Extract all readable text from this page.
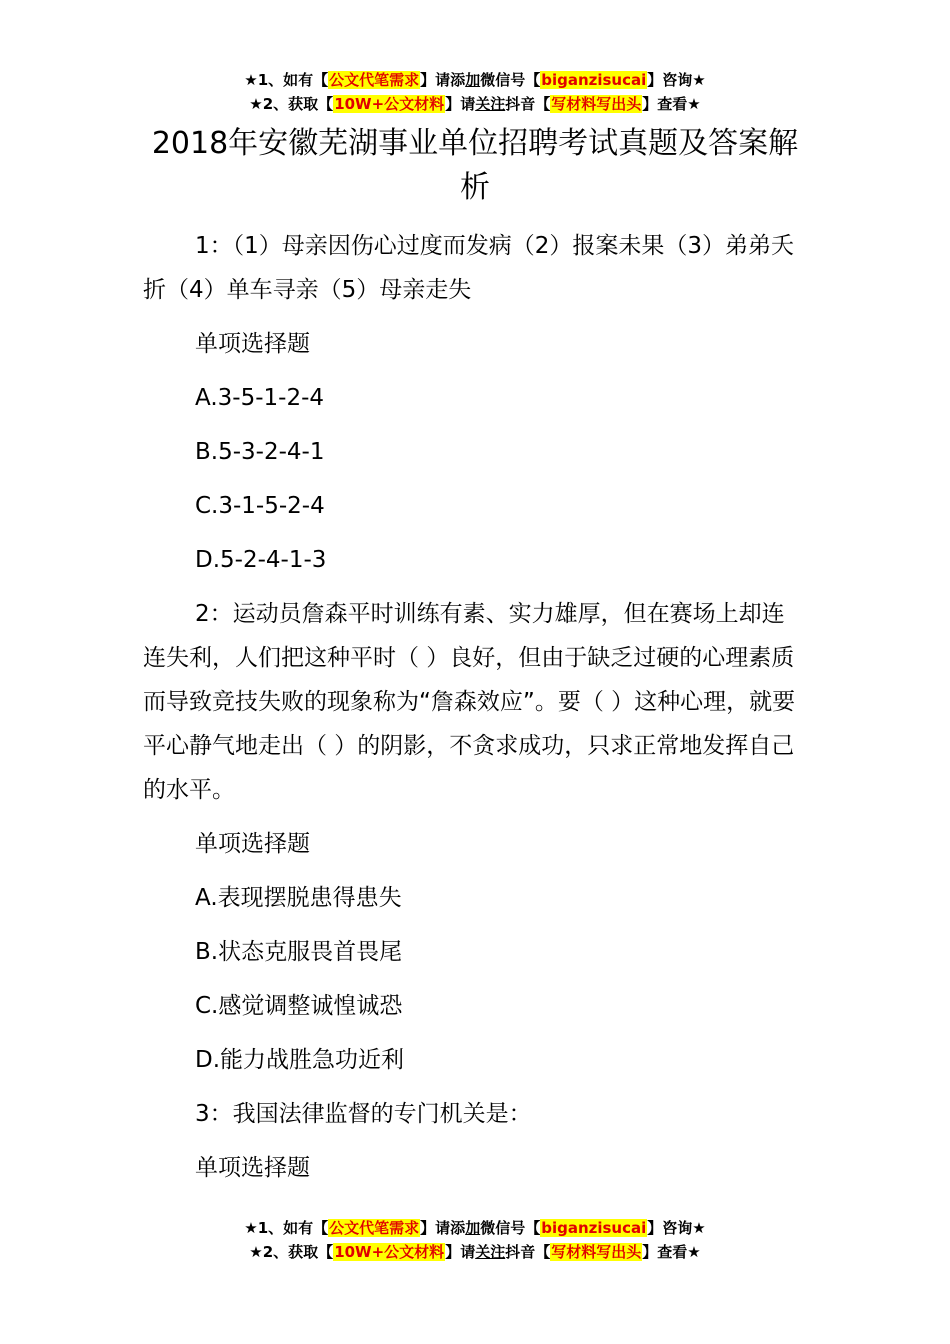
★1、如有【公文代笔需求】请添加微信号【biganzisucai】咨询★
★2、获取【10W+公文材料】请关注抖音【写材料写出头】查看★
2018年安徽芜湖事业单位招聘考试真题及答案解析

1：（1）母亲因伤心过度而发病（2）报案未果（3）弟弟夭折（4）单车寻亲（5）母亲走失

单项选择题

A.3-5-1-2-4

B.5-3-2-4-1

C.3-1-5-2-4

D.5-2-4-1-3

2：运动员詹森平时训练有素、实力雄厚，但在赛场上却连连失利，人们把这种平时（ ）良好，但由于缺乏过硬的心理素质而导致竞技失败的现象称为“詹森效应”。要（ ）这种心理，就要平心静气地走出（ ）的阴影，不贪求成功，只求正常地发挥自己的水平。

单项选择题

A.表现摆脱患得患失

B.状态克服畏首畏尾

C.感觉调整诚惶诚恐

D.能力战胜急功近利

3：我国法律监督的专门机关是：

单项选择题

★1、如有【公文代笔需求】请添加微信号【biganzisucai】咨询★
★2、获取【10W+公文材料】请关注抖音【写材料写出头】查看★
